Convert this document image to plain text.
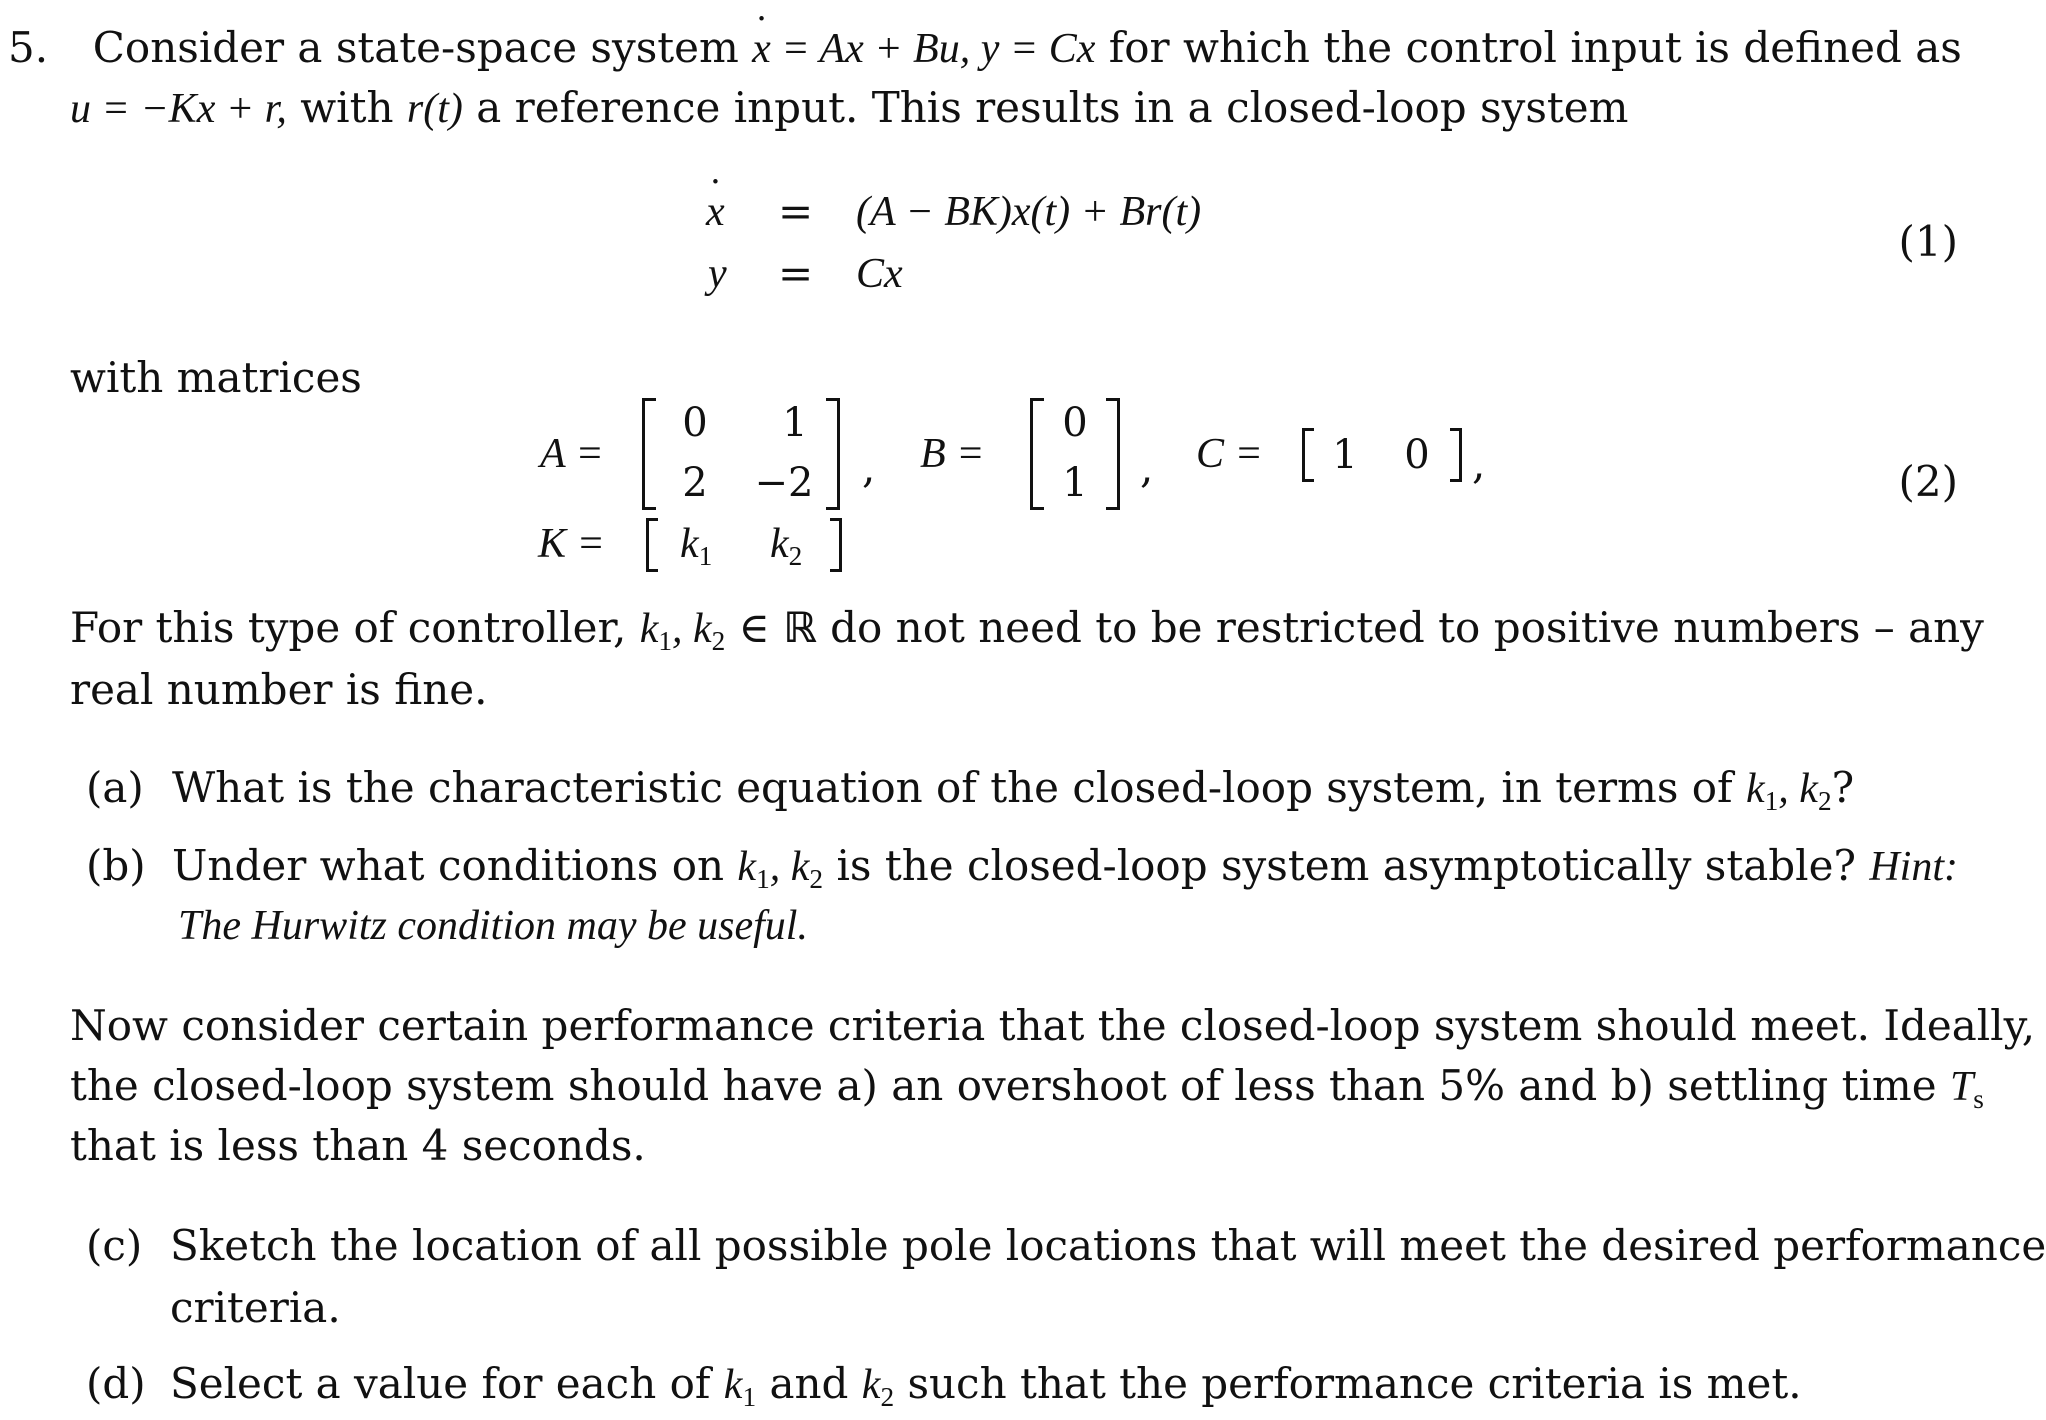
5. Consider a state-space system ˙ x = Ax + Bu, y = Cx for which the control input is defined as
u = −Kx + r, with r(t) a reference input. This results in a closed-loop system
˙ x = (A − BK)x(t) + Br(t)
y = Cx
(1)
with matrices
A =
0	1
2	−2 , B =
0
1 , C =	1	0 ,
$K = k_1$ $k_2$
(2)
For this type of controller, $k_1$, $k_2$ ∈ ℝ do not need to be restricted to positive numbers – any
real number is fine.
(a) What is the characteristic equation of the closed-loop system, in terms of $k_1$, $k_2$?
(b) Under what conditions on $k_1$, $k_2$ is the closed-loop system asymptotically stable? Hint:
The Hurwitz condition may be useful.
Now consider certain performance criteria that the closed-loop system should meet. Ideally,
the closed-loop system should have a) an overshoot of less than 5% and b) settling time $T_s$
that is less than 4 seconds.
(c) Sketch the location of all possible pole locations that will meet the desired performance
criteria.
(d) Select a value for each of $k_1$ and $k_2$ such that the performance criteria is met.
